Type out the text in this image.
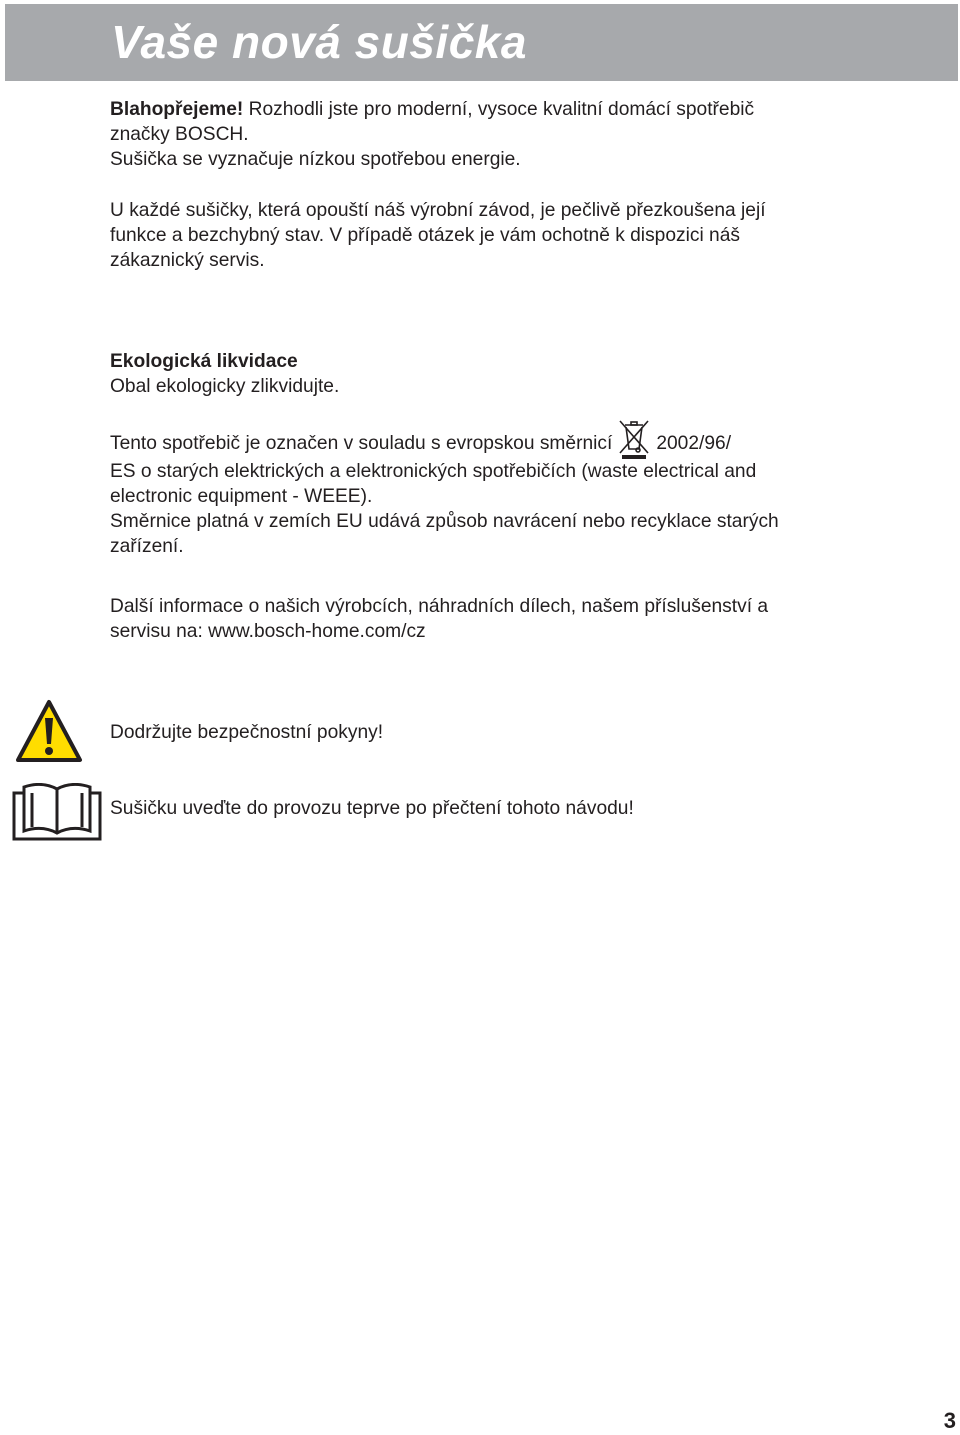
Vaše nová sušička
Blahopřejeme! Rozhodli jste pro moderní, vysoce kvalitní domácí spotřebič
značky BOSCH.
Sušička se vyznačuje nízkou spotřebou energie.
U každé sušičky, která opouští náš výrobní závod, je pečlivě přezkoušena její
funkce a bezchybný stav. V případě otázek je vám ochotně k dispozici náš
zákaznický servis.
Ekologická likvidace
Obal ekologicky zlikvidujte.
Tento spotřebič je označen v souladu s evropskou směrnicí 2002/96/
ES o starých elektrických a elektronických spotřebičích (waste electrical and
electronic equipment - WEEE).
Směrnice platná v zemích EU udává způsob navrácení nebo recyklace starých
zařízení.
Další informace o našich výrobcích, náhradních dílech, našem příslušenství a
servisu na: www.bosch-home.com/cz
Dodržujte bezpečnostní pokyny!
Sušičku uveďte do provozu teprve po přečtení tohoto návodu!
3
